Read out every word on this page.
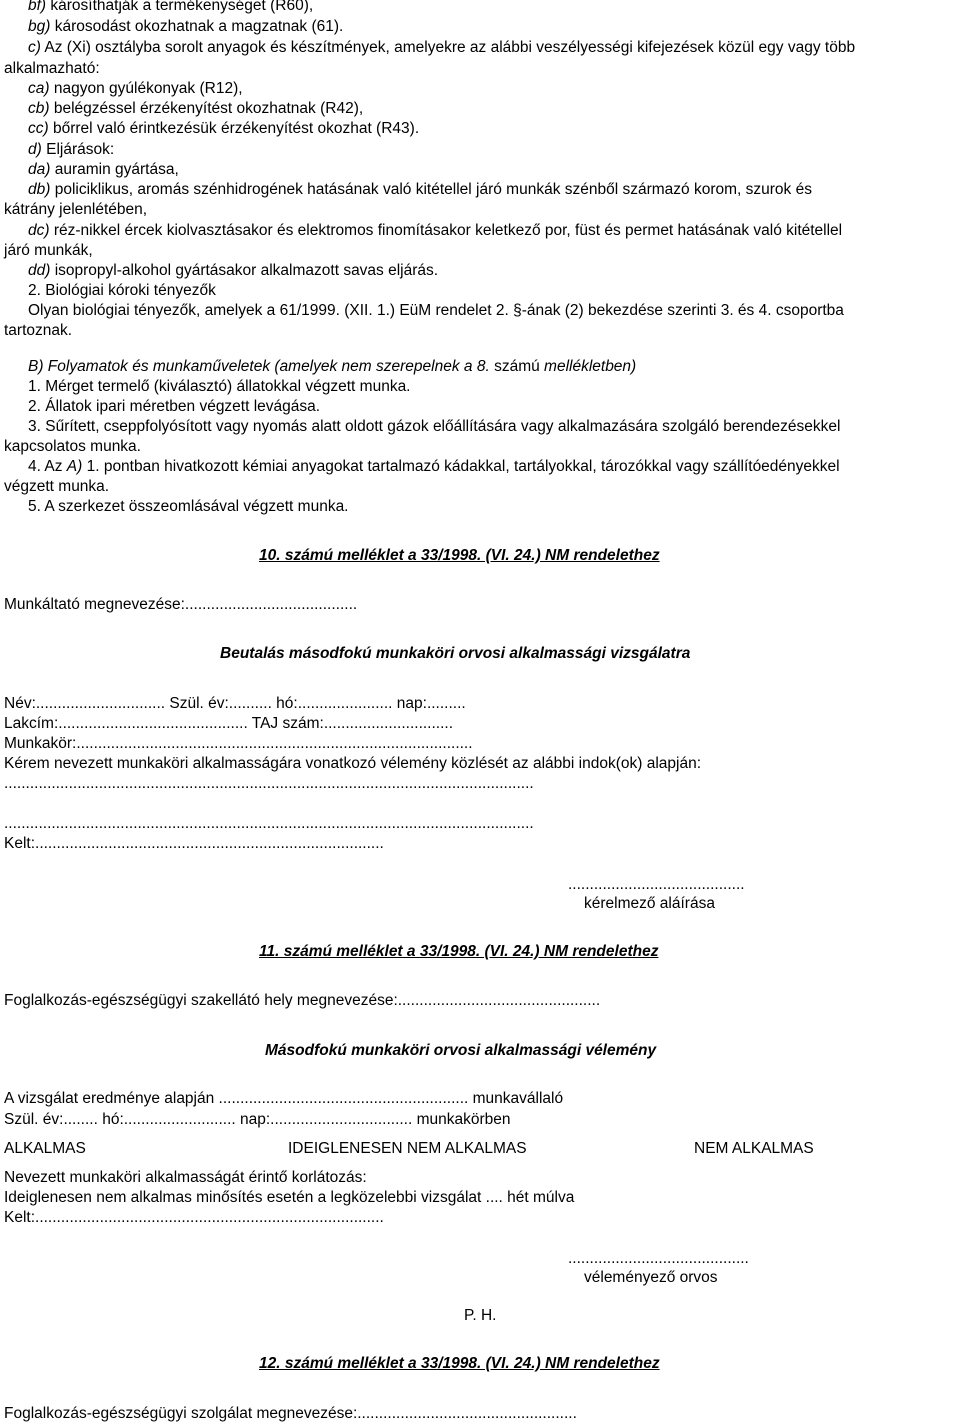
bf) károsíthatják a termékenységet (R60),
bg) károsodást okozhatnak a magzatnak (61).
c) Az (Xi) osztályba sorolt anyagok és készítmények, amelyekre az alábbi veszélyességi kifejezések közül egy vagy több
alkalmazható:
ca) nagyon gyúlékonyak (R12),
cb) belégzéssel érzékenyítést okozhatnak (R42),
cc) bőrrel való érintkezésük érzékenyítést okozhat (R43).
d) Eljárások:
da) auramin gyártása,
db) policiklikus, aromás szénhidrogének hatásának való kitétellel járó munkák szénből származó korom, szurok és
kátrány jelenlétében,
dc) réz-nikkel ércek kiolvasztásakor és elektromos finomításakor keletkező por, füst és permet hatásának való kitétellel
járó munkák,
dd) isopropyl-alkohol gyártásakor alkalmazott savas eljárás.
2. Biológiai kóroki tényezők
Olyan biológiai tényezők, amelyek a 61/1999. (XII. 1.) EüM rendelet 2. §-ának (2) bekezdése szerinti 3. és 4. csoportba
tartoznak.
B) Folyamatok és munkaműveletek (amelyek nem szerepelnek a 8. számú mellékletben)
1. Mérget termelő (kiválasztó) állatokkal végzett munka.
2. Állatok ipari méretben végzett levágása.
3. Sűrített, cseppfolyósított vagy nyomás alatt oldott gázok előállítására vagy alkalmazására szolgáló berendezésekkel
kapcsolatos munka.
4. Az A) 1. pontban hivatkozott kémiai anyagokat tartalmazó kádakkal, tartályokkal, tározókkal vagy szállítóedényekkel
végzett munka.
5. A szerkezet összeomlásával végzett munka.
10. számú melléklet a 33/1998. (VI. 24.) NM rendelethez
Munkáltató megnevezése:........................................
Beutalás másodfokú munkaköri orvosi alkalmassági vizsgálatra
Név:.............................. Szül. év:.......... hó:...................... nap:.........
Lakcím:............................................ TAJ szám:..............................
Munkakör:............................................................................................
Kérem nevezett munkaköri alkalmasságára vonatkozó vélemény közlését az alábbi indok(ok) alapján:
...........................................................................................................................
...........................................................................................................................
Kelt:.................................................................................
.........................................
kérelmező aláírása
11. számú melléklet a 33/1998. (VI. 24.) NM rendelethez
Foglalkozás-egészségügyi szakellátó hely megnevezése:...............................................
Másodfokú munkaköri orvosi alkalmassági vélemény
A vizsgálat eredménye alapján .......................................................... munkavállaló
Szül. év:........ hó:.......................... nap:................................. munkakörben
ALKALMAS	IDEIGLENESEN NEM ALKALMAS	NEM ALKALMAS
Nevezett munkaköri alkalmasságát érintő korlátozás:
Ideiglenesen nem alkalmas minősítés esetén a legközelebbi vizsgálat .... hét múlva
Kelt:.................................................................................
..........................................
véleményező orvos
P. H.
12. számú melléklet a 33/1998. (VI. 24.) NM rendelethez
Foglalkozás-egészségügyi szolgálat megnevezése:...................................................
